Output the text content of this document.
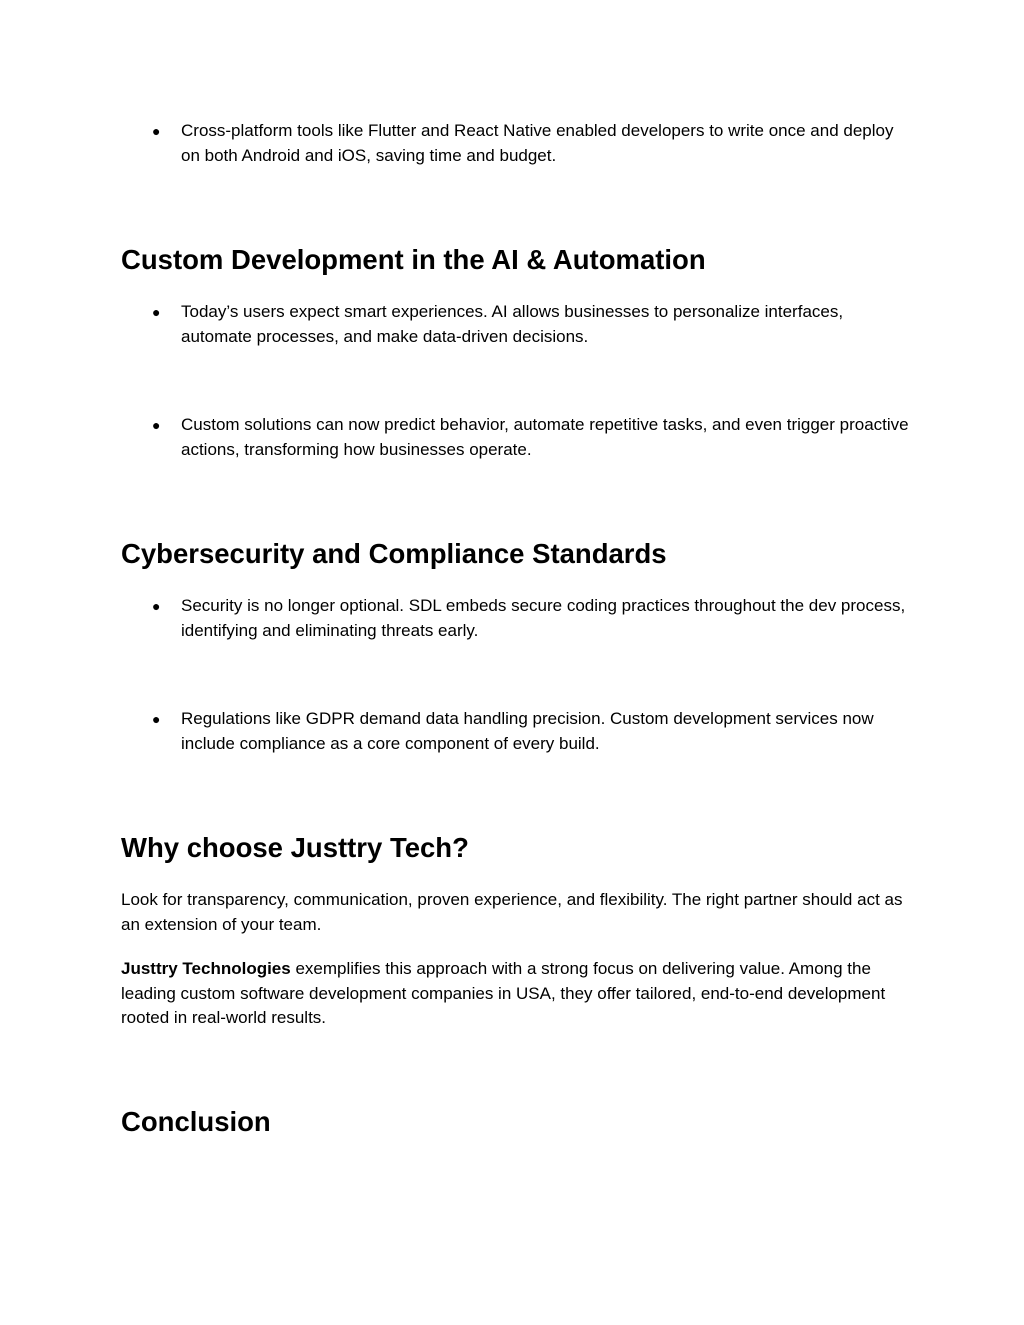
● Cross-platform tools like Flutter and React Native enabled developers to write once and deploy on both Android and iOS, saving time and budget.
Custom Development in the AI & Automation
● Today’s users expect smart experiences. AI allows businesses to personalize interfaces, automate processes, and make data-driven decisions.
● Custom solutions can now predict behavior, automate repetitive tasks, and even trigger proactive actions, transforming how businesses operate.
Cybersecurity and Compliance Standards
● Security is no longer optional. SDL embeds secure coding practices throughout the dev process, identifying and eliminating threats early.
● Regulations like GDPR demand data handling precision. Custom development services now include compliance as a core component of every build.
Why choose Justtry Tech?

Look for transparency, communication, proven experience, and flexibility. The right partner should act as an extension of your team.

Justtry Technologies exemplifies this approach with a strong focus on delivering value. Among the leading custom software development companies in USA, they offer tailored, end-to-end development rooted in real-world results.

Conclusion
